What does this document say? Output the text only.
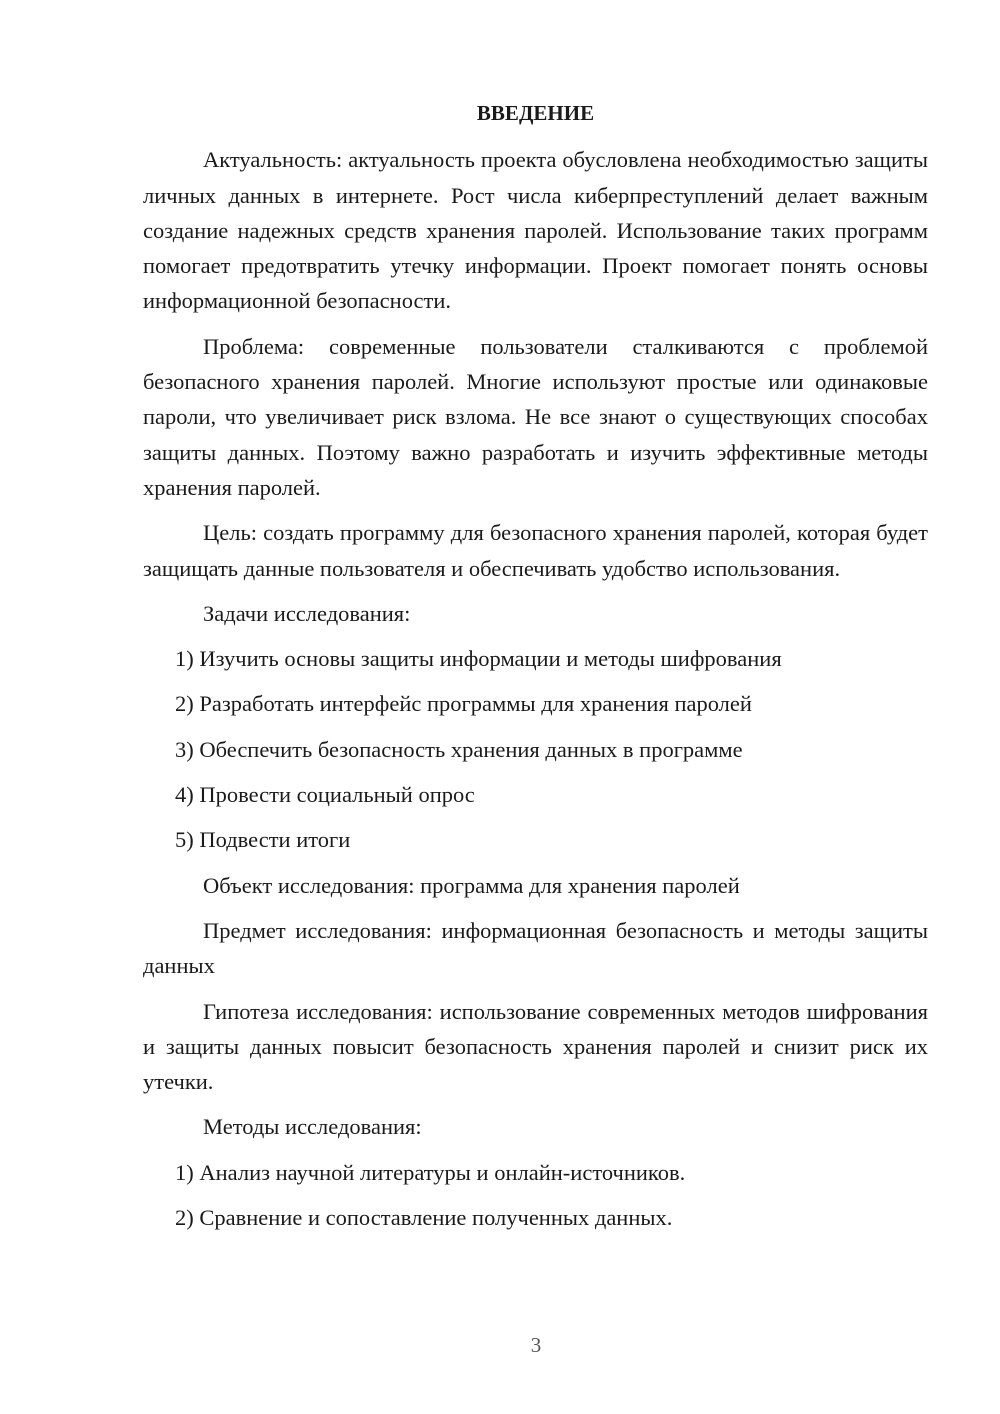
ВВЕДЕНИЕ

Актуальность: актуальность проекта обусловлена необходимостью защиты личных данных в интернете. Рост числа киберпреступлений делает важным создание надежных средств хранения паролей. Использование таких программ помогает предотвратить утечку информации. Проект помогает понять основы информационной безопасности.

Проблема: современные пользователи сталкиваются с проблемой безопасного хранения паролей. Многие используют простые или одинаковые пароли, что увеличивает риск взлома. Не все знают о существующих способах защиты данных. Поэтому важно разработать и изучить эффективные методы хранения паролей.

Цель: создать программу для безопасного хранения паролей, которая будет защищать данные пользователя и обеспечивать удобство использования.

Задачи исследования:

1) Изучить основы защиты информации и методы шифрования
2) Разработать интерфейс программы для хранения паролей
3) Обеспечить безопасность хранения данных в программе
4) Провести социальный опрос
5) Подвести итоги

Объект исследования: программа для хранения паролей

Предмет исследования: информационная безопасность и методы защиты данных

Гипотеза исследования: использование современных методов шифрования и защиты данных повысит безопасность хранения паролей и снизит риск их утечки.

Методы исследования:

1) Анализ научной литературы и онлайн-источников.
2) Сравнение и сопоставление полученных данных.
3
